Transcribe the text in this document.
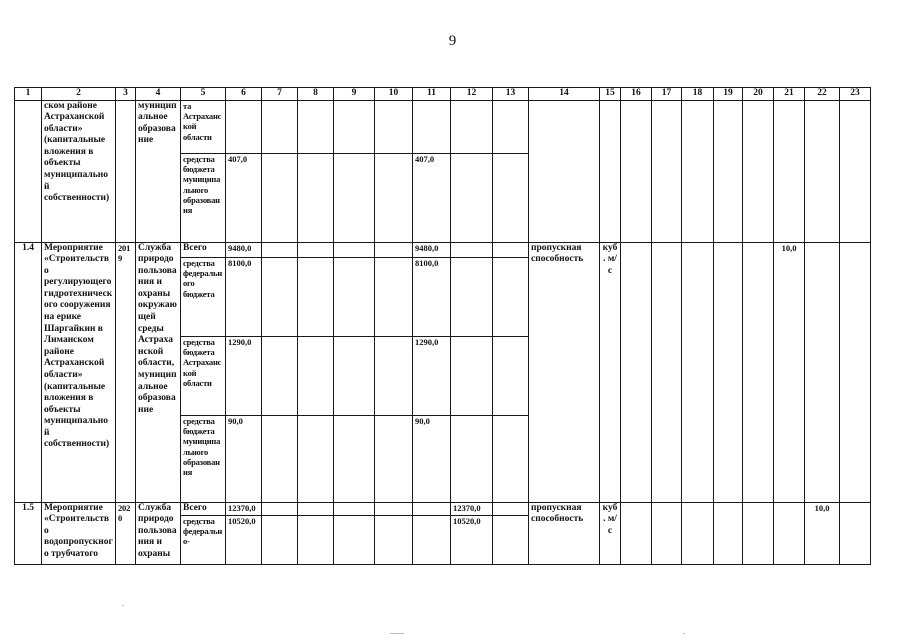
9
1	2	3	4	5	6	7	8	9	10	11	12	13	14	15	16	17	18	19	20	21	22	23
	ском районе Астраханской области» (капитальные вложения в объекты муниципальной собственности)		муниципальное образование	та Астраханской области																		
				средства бюджета муниципального образования	407,0					407,0												
1.4	Мероприятие «Строительство регулирующего гидротехнического сооружения на ерике Шаргайкин в Лиманском районе Астраханской области» (капитальные вложения в объекты муниципальной собственности)	2019	Служба природопользования и охраны окружающей среды Астраханской области, муниципальное образование	Всего	9480,0					9480,0			пропускная способность	куб. м/с						10,0		
				средства федерального бюджета	8100,0					8100,0												
				средства бюджета Астраханской области	1290,0					1290,0												
				средства бюджета муниципального образования	90,0					90,0												
1.5	Мероприятие «Строительство водопропускного трубчатого	2020	Служба природопользования и охраны	Всего	12370,0						12370,0		пропускная способность	куб. м/с							10,0	
				средства федерально-	10520,0						10520,0											
